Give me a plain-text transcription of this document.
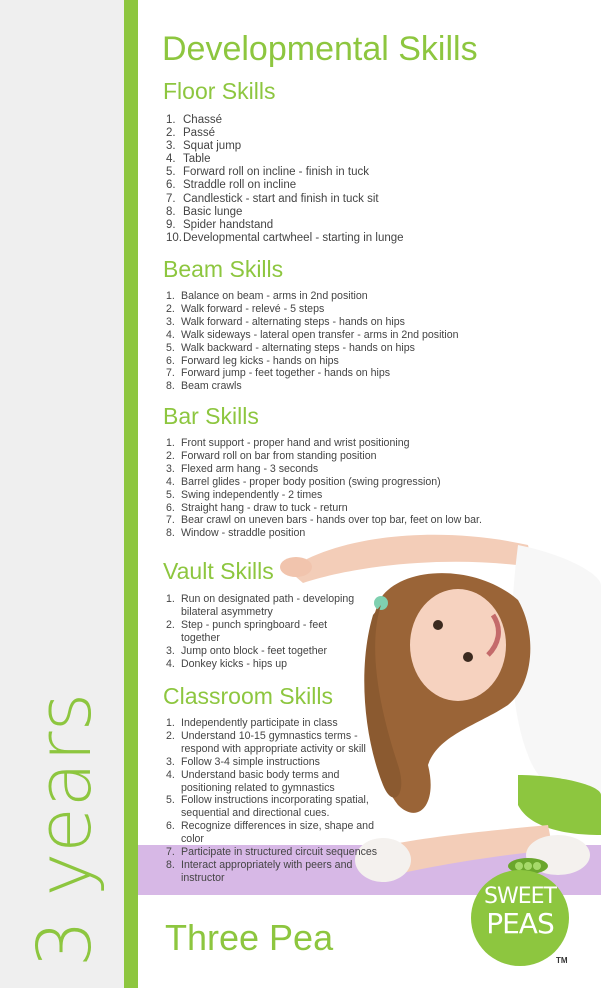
3 years
Developmental Skills
Floor Skills
1. Chassé
2. Passé
3. Squat jump
4. Table
5. Forward roll on incline - finish in tuck
6. Straddle roll on incline
7. Candlestick - start and finish in tuck sit
8. Basic lunge
9. Spider handstand
10. Developmental cartwheel - starting in lunge
Beam Skills
1. Balance on beam - arms in 2nd position
2. Walk forward - relevé - 5 steps
3. Walk forward - alternating steps - hands on hips
4. Walk sideways - lateral open transfer - arms in 2nd position
5. Walk backward - alternating steps - hands on hips
6. Forward leg kicks - hands on hips
7. Forward jump - feet together - hands on hips
8. Beam crawls
Bar Skills
1. Front support - proper hand and wrist positioning
2. Forward roll on bar from standing position
3. Flexed arm hang - 3 seconds
4. Barrel glides - proper body position (swing progression)
5. Swing independently - 2 times
6. Straight hang - draw to tuck - return
7. Bear crawl on uneven bars - hands over top bar, feet on low bar.
8. Window - straddle position
Vault Skills
1. Run on designated path - developing bilateral asymmetry
2. Step - punch springboard - feet together
3. Jump onto block - feet together
4. Donkey kicks - hips up
Classroom Skills
1. Independently participate in class
2. Understand 10-15 gymnastics terms - respond with appropriate activity or skill
3. Follow 3-4 simple instructions
4. Understand basic body terms and positioning related to gymnastics
5. Follow instructions incorporating spatial, sequential and directional cues.
6. Recognize differences in size, shape and color
7. Participate in structured circuit sequences
8. Interact appropriately with peers and instructor
Three Pea
SWEET
PEAS
TM
